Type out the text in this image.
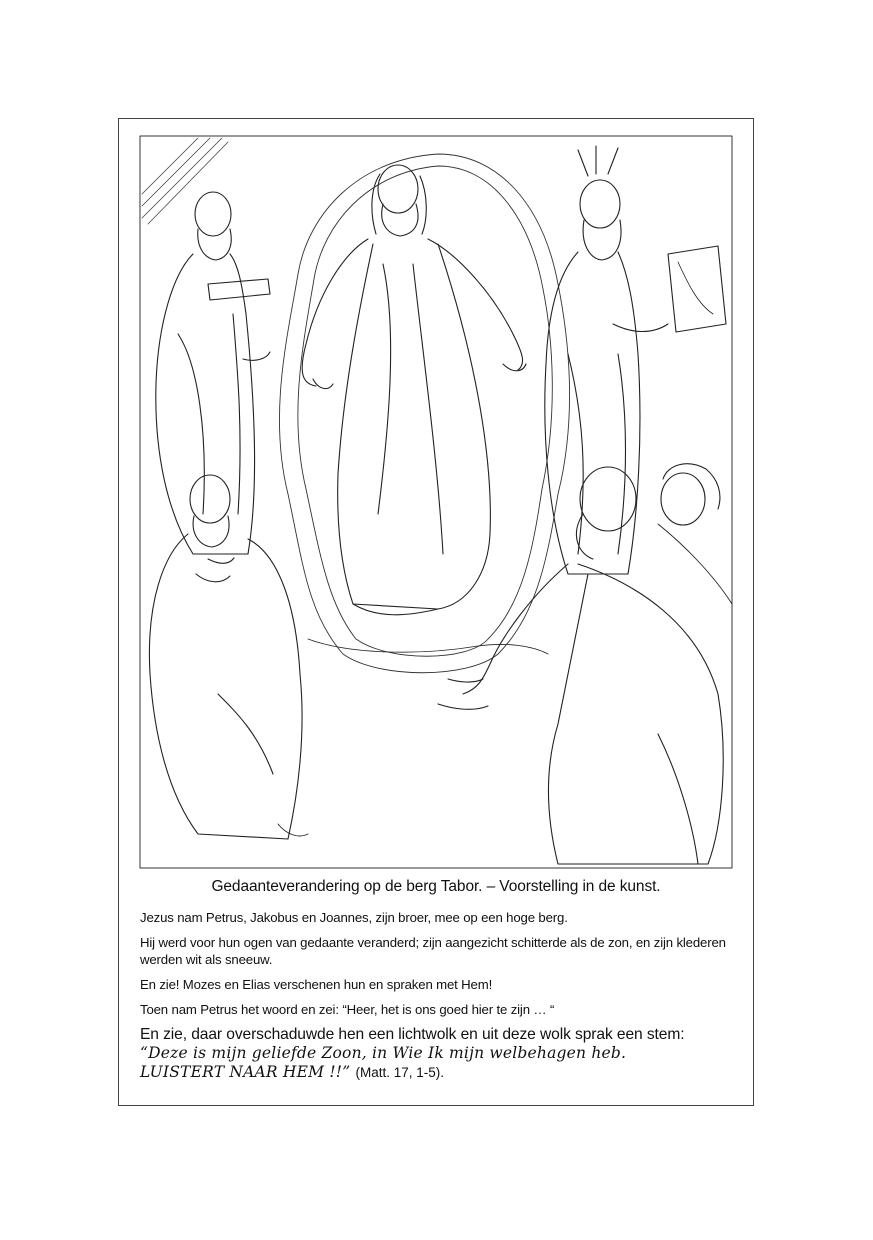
Gedaanteverandering op de berg Tabor. – Voorstelling in de kunst.
Jezus nam Petrus, Jakobus en Joannes, zijn broer, mee op een hoge berg.
Hij werd voor hun ogen van gedaante veranderd; zijn aangezicht schitterde als de zon, en zijn klederen werden wit als sneeuw.
En zie! Mozes en Elias verschenen hun en spraken met Hem!
Toen nam Petrus het woord en zei: “Heer, het is ons goed hier te zijn … “
En zie, daar overschaduwde hen een lichtwolk en uit deze wolk sprak een stem:
“Deze is mijn geliefde Zoon, in Wie Ik mijn welbehagen heb.
LUISTERT NAAR HEM !!” (Matt. 17, 1-5).
